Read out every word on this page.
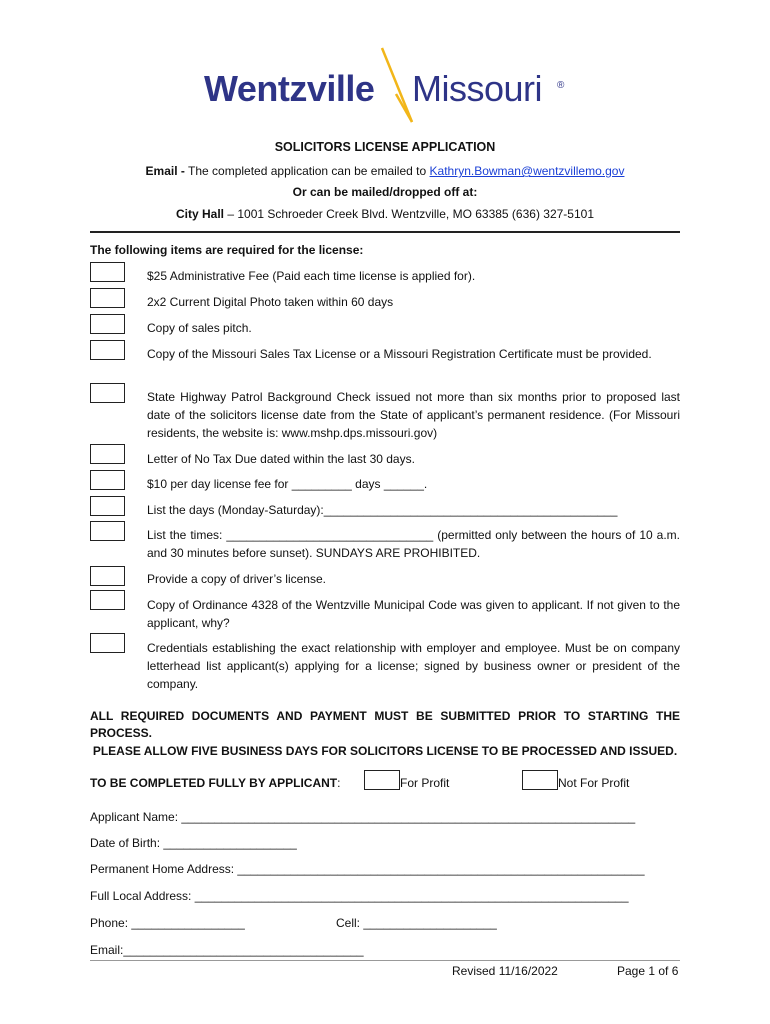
Wentzville Missouri ®
SOLICITORS LICENSE APPLICATION
Email - The completed application can be emailed to Kathryn.Bowman@wentzvillemo.gov
Or can be mailed/dropped off at:
City Hall – 1001 Schroeder Creek Blvd. Wentzville, MO 63385 (636) 327-5101
The following items are required for the license:
$25 Administrative Fee (Paid each time license is applied for).
2x2 Current Digital Photo taken within 60 days
Copy of sales pitch.
Copy of the Missouri Sales Tax License or a Missouri Registration Certificate must be provided.
State Highway Patrol Background Check issued not more than six months prior to proposed last date of the solicitors license date from the State of applicant’s permanent residence. (For Missouri residents, the website is: www.mshp.dps.missouri.gov)
Letter of No Tax Due dated within the last 30 days.
$10 per day license fee for _________ days ______.
List the days (Monday-Saturday):____________________________________________
List the times: _______________________________ (permitted only between the hours of 10 a.m. and 30 minutes before sunset). SUNDAYS ARE PROHIBITED.
Provide a copy of driver’s license.
Copy of Ordinance 4328 of the Wentzville Municipal Code was given to applicant. If not given to the applicant, why?
Credentials establishing the exact relationship with employer and employee. Must be on company letterhead list applicant(s) applying for a license; signed by business owner or president of the company.
ALL REQUIRED DOCUMENTS AND PAYMENT MUST BE SUBMITTED PRIOR TO STARTING THE PROCESS.
PLEASE ALLOW FIVE BUSINESS DAYS FOR SOLICITORS LICENSE TO BE PROCESSED AND ISSUED.
TO BE COMPLETED FULLY BY APPLICANT:	For Profit	Not For Profit
Applicant Name: ____________________________________________________________________
Date of Birth: ____________________
Permanent Home Address: _____________________________________________________________
Full Local Address: _________________________________________________________________
Phone: _________________	Cell: ____________________
Email:____________________________________
Revised 11/16/2022	Page 1 of 6
